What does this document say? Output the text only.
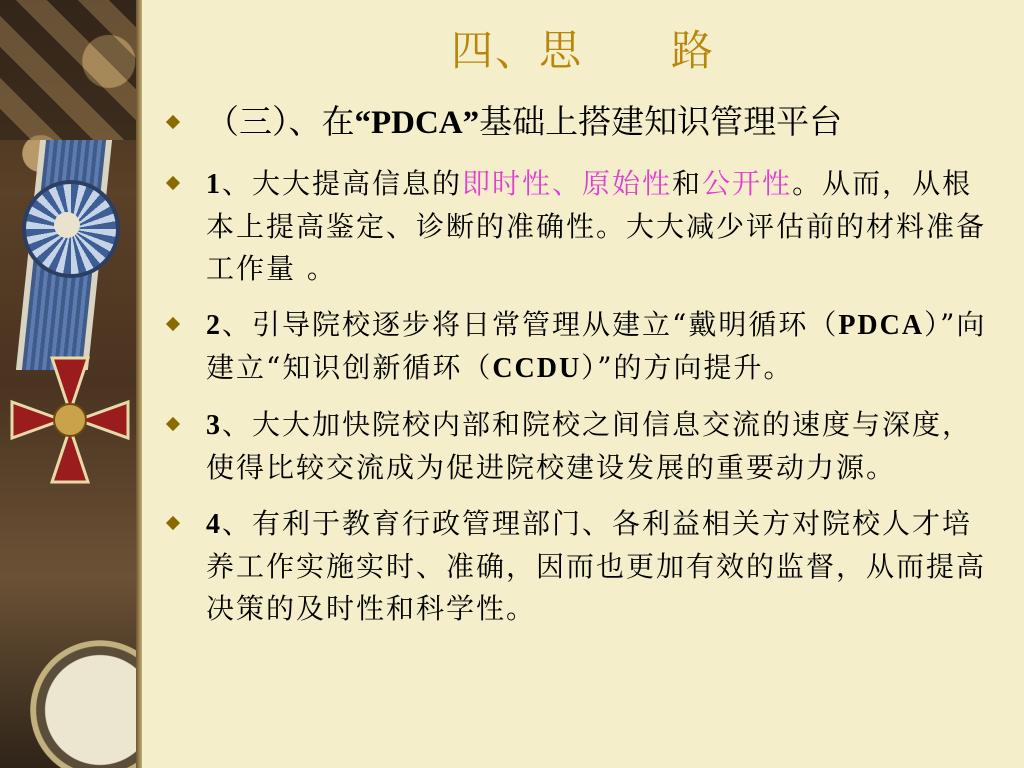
四、思　　路
（三）、在“PDCA”基础上搭建知识管理平台
1、大大提高信息的即时性、原始性和公开性。从而，从根本上提高鉴定、诊断的准确性。大大减少评估前的材料准备工作量 。
2、引导院校逐步将日常管理从建立“戴明循环（PDCA）”向建立“知识创新循环（CCDU）”的方向提升。
3、大大加快院校内部和院校之间信息交流的速度与深度，使得比较交流成为促进院校建设发展的重要动力源。
4、有利于教育行政管理部门、各利益相关方对院校人才培养工作实施实时、准确，因而也更加有效的监督，从而提高决策的及时性和科学性。
